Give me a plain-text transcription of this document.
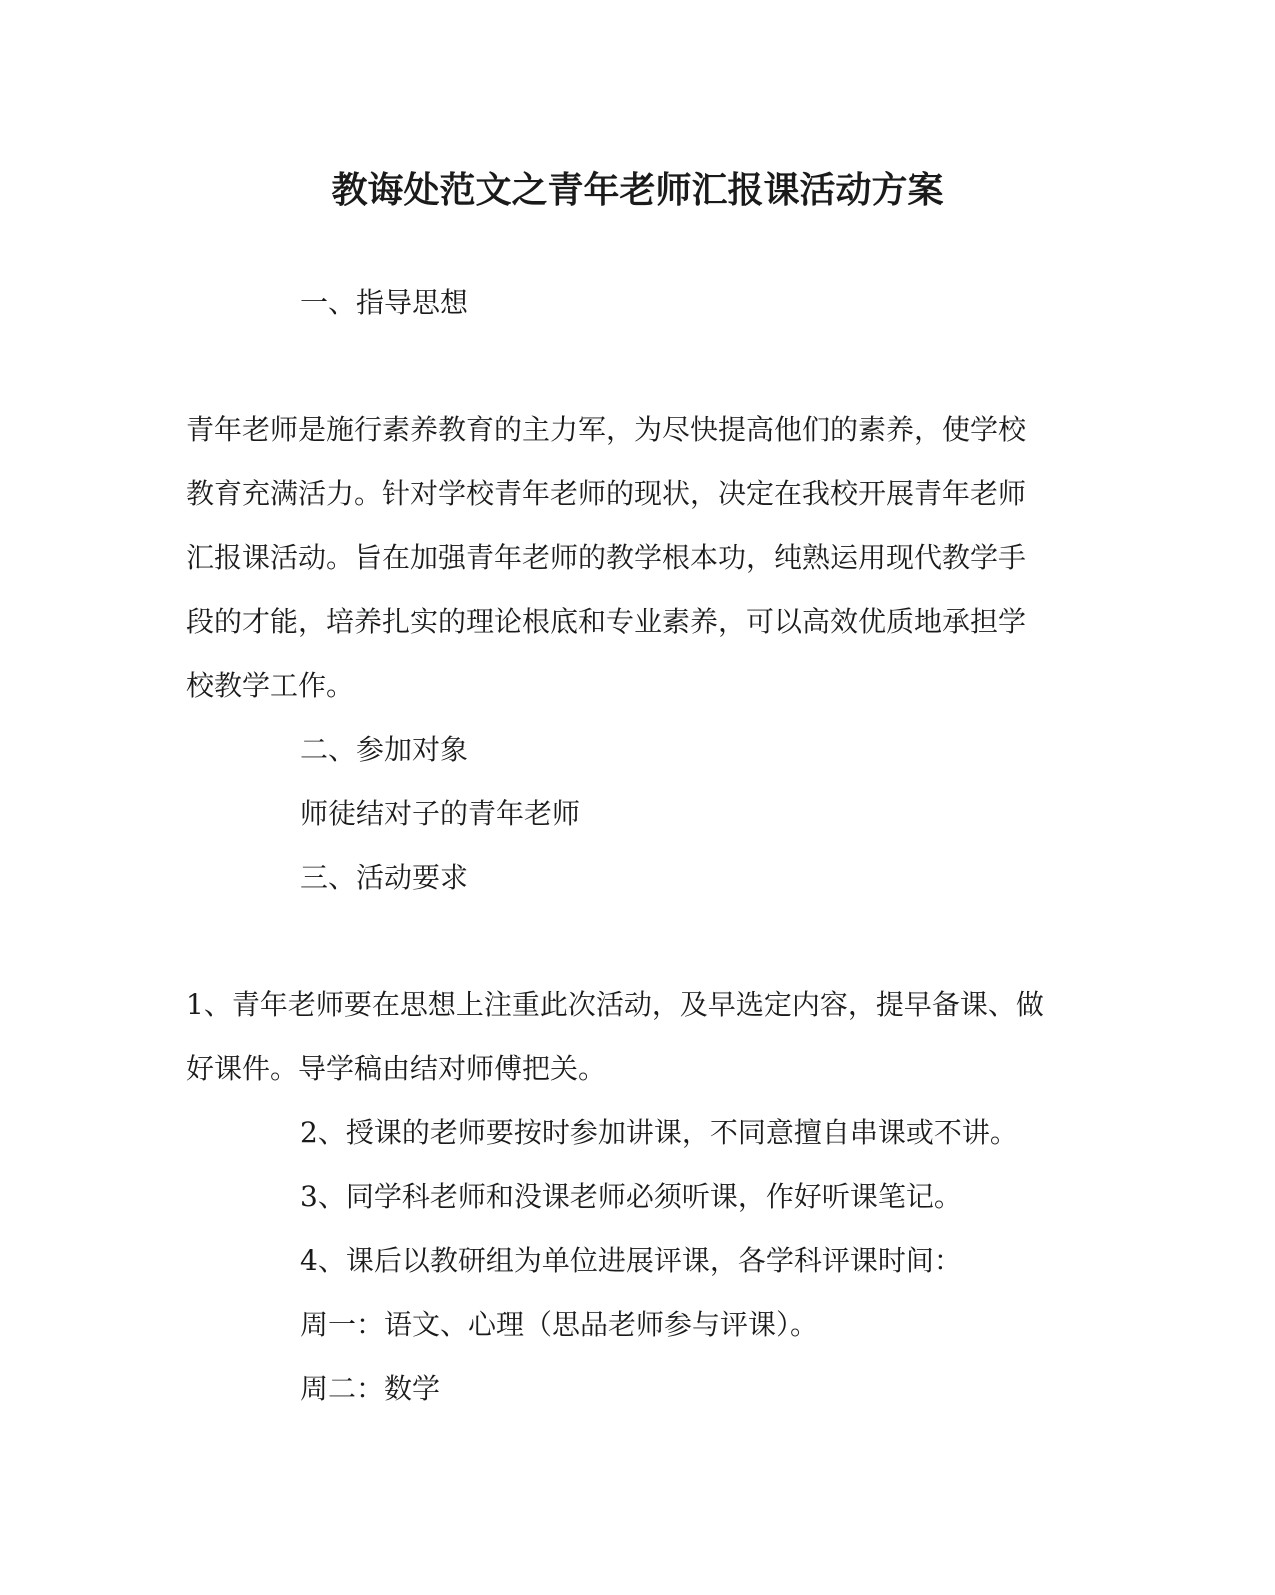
教诲处范文之青年老师汇报课活动方案
一、指导思想
青年老师是施行素养教育的主力军，为尽快提高他们的素养，使学校
教育充满活力。针对学校青年老师的现状，决定在我校开展青年老师
汇报课活动。旨在加强青年老师的教学根本功，纯熟运用现代教学手
段的才能，培养扎实的理论根底和专业素养，可以高效优质地承担学
校教学工作。
二、参加对象
师徒结对子的青年老师
三、活动要求
1、青年老师要在思想上注重此次活动，及早选定内容，提早备课、做
好课件。导学稿由结对师傅把关。
2、授课的老师要按时参加讲课，不同意擅自串课或不讲。
3、同学科老师和没课老师必须听课，作好听课笔记。
4、课后以教研组为单位进展评课，各学科评课时间：
周一：语文、心理（思品老师参与评课）。
周二：数学
